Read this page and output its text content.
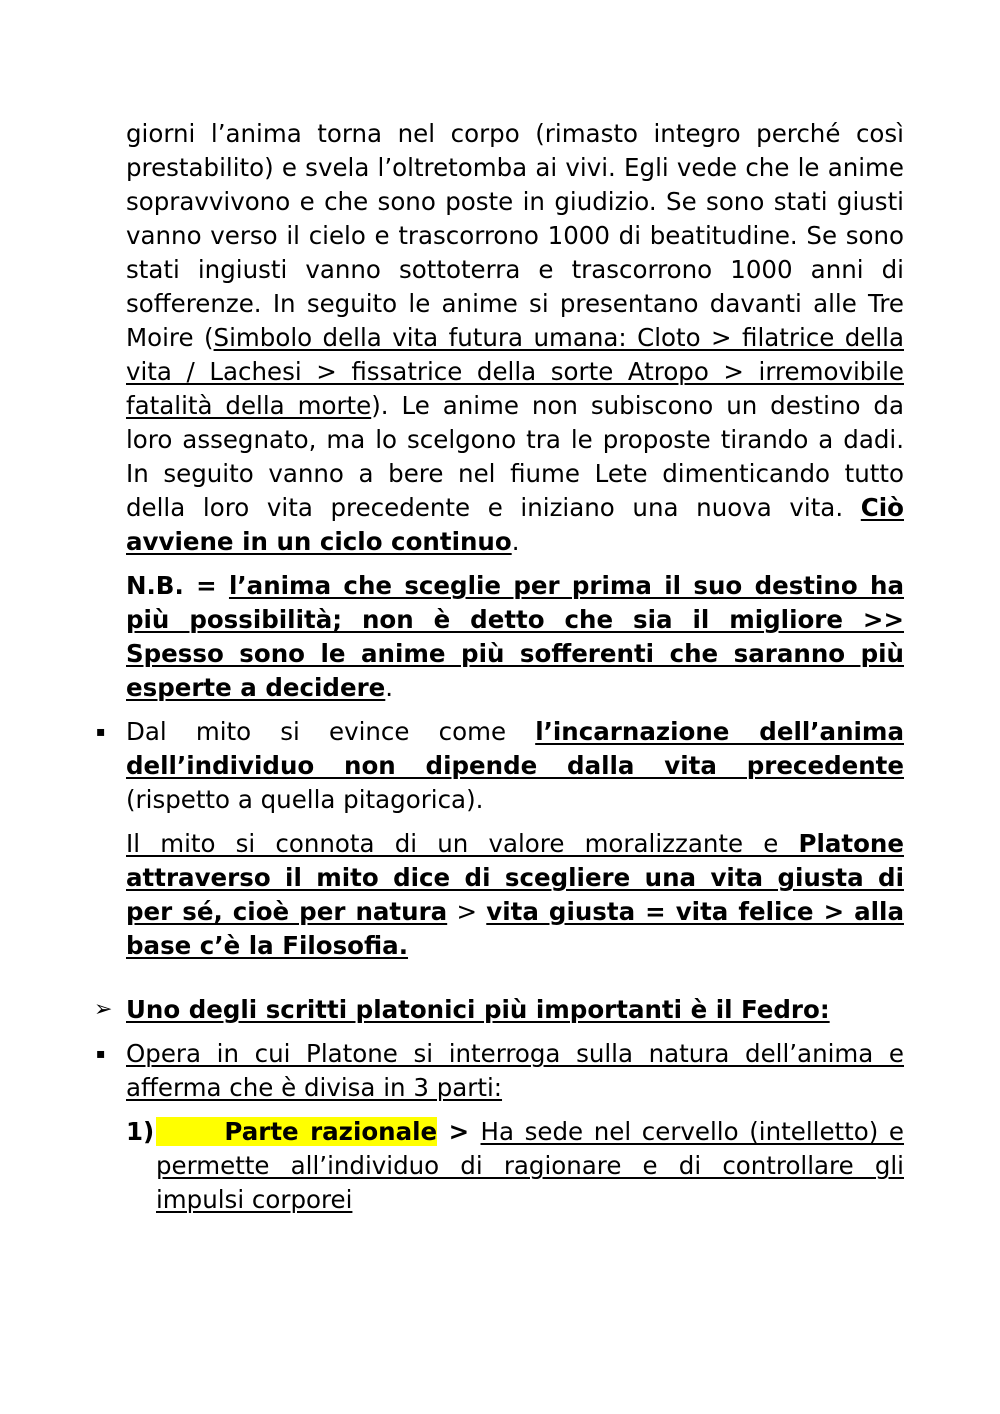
giorni l’anima torna nel corpo (rimasto integro perché così prestabilito) e svela l’oltretomba ai vivi. Egli vede che le anime sopravvivono e che sono poste in giudizio. Se sono stati giusti vanno verso il cielo e trascorrono 1000 di beatitudine. Se sono stati ingiusti vanno sottoterra e trascorrono 1000 anni di sofferenze. In seguito le anime si presentano davanti alle Tre Moire (Simbolo della vita futura umana: Cloto > filatrice della vita / Lachesi > fissatrice della sorte Atropo > irremovibile fatalità della morte). Le anime non subiscono un destino da loro assegnato, ma lo scelgono tra le proposte tirando a dadi. In seguito vanno a bere nel fiume Lete dimenticando tutto della loro vita precedente e iniziano una nuova vita. Ciò avviene in un ciclo continuo.

N.B. = l’anima che sceglie per prima il suo destino ha più possibilità; non è detto che sia il migliore >> Spesso sono le anime più sofferenti che saranno più esperte a decidere.

▪ Dal mito si evince come l’incarnazione dell’anima dell’individuo non dipende dalla vita precedente (rispetto a quella pitagorica).

Il mito si connota di un valore moralizzante e Platone attraverso il mito dice di scegliere una vita giusta di per sé, cioè per natura > vita giusta = vita felice > alla base c’è la Filosofia.

➢ Uno degli scritti platonici più importanti è il Fedro:

▪ Opera in cui Platone si interroga sulla natura dell’anima e afferma che è divisa in 3 parti:

1)	Parte razionale > Ha sede nel cervello (intelletto) e permette all’individuo di ragionare e di controllare gli impulsi corporei
